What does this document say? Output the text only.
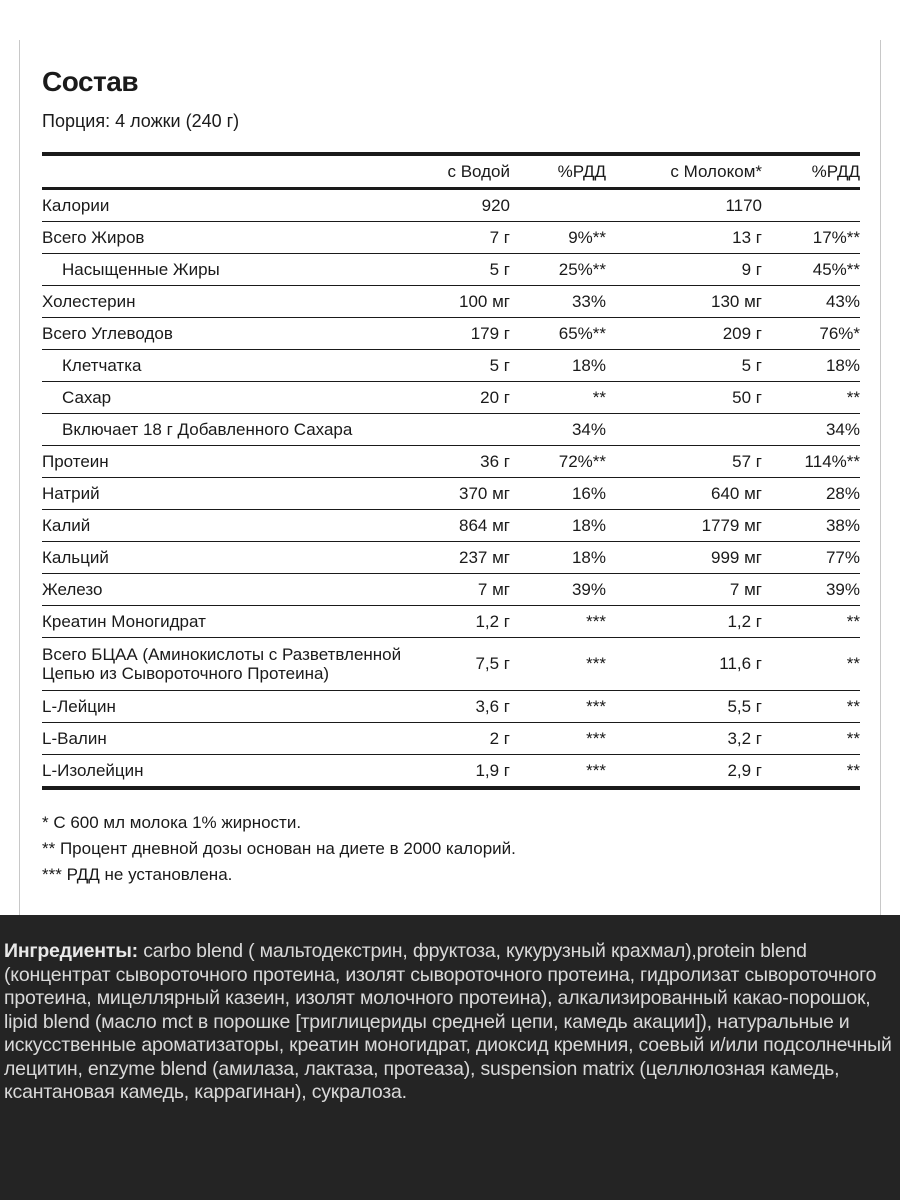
Состав
Порция: 4 ложки (240 г)
	с Водой	%РДД	с Молоком*	%РДД
Калории	920		1170	
Всего Жиров	7 г	9%**	13 г	17%**
Насыщенные Жиры	5 г	25%**	9 г	45%**
Холестерин	100 мг	33%	130 мг	43%
Всего Углеводов	179 г	65%**	209 г	76%*
Клетчатка	5 г	18%	5 г	18%
Сахар	20 г	**	50 г	**
Включает 18 г Добавленного Сахара		34%		34%
Протеин	36 г	72%**	57 г	114%**
Натрий	370 мг	16%	640 мг	28%
Калий	864 мг	18%	1779 мг	38%
Кальций	237 мг	18%	999 мг	77%
Железо	7 мг	39%	7 мг	39%
Креатин Моногидрат	1,2 г	***	1,2 г	**
Всего БЦАА (Аминокислоты с Разветвленной Цепью из Сывороточного Протеина)	7,5 г	***	11,6 г	**
L-Лейцин	3,6 г	***	5,5 г	**
L-Валин	2 г	***	3,2 г	**
L-Изолейцин	1,9 г	***	2,9 г	**
* С 600 мл молока 1% жирности.
** Процент дневной дозы основан на диете в 2000 калорий.
*** РДД не установлена.
Ингредиенты: carbo blend ( мальтодекстрин, фруктоза, кукурузный крахмал),protein blend (концентрат сывороточного протеина, изолят сывороточного протеина, гидролизат сывороточного протеина, мицеллярный казеин, изолят молочного протеина), алкализированный какао-порошок, lipid blend (масло mct в порошке [триглицериды средней цепи, камедь акации]), натуральные и искусственные ароматизаторы, креатин моногидрат, диоксид кремния, соевый и/или подсолнечный лецитин, enzyme blend (амилаза, лактаза, протеаза), suspension matrix (целлюлозная камедь, ксантановая камедь, каррагинан), сукралоза.
